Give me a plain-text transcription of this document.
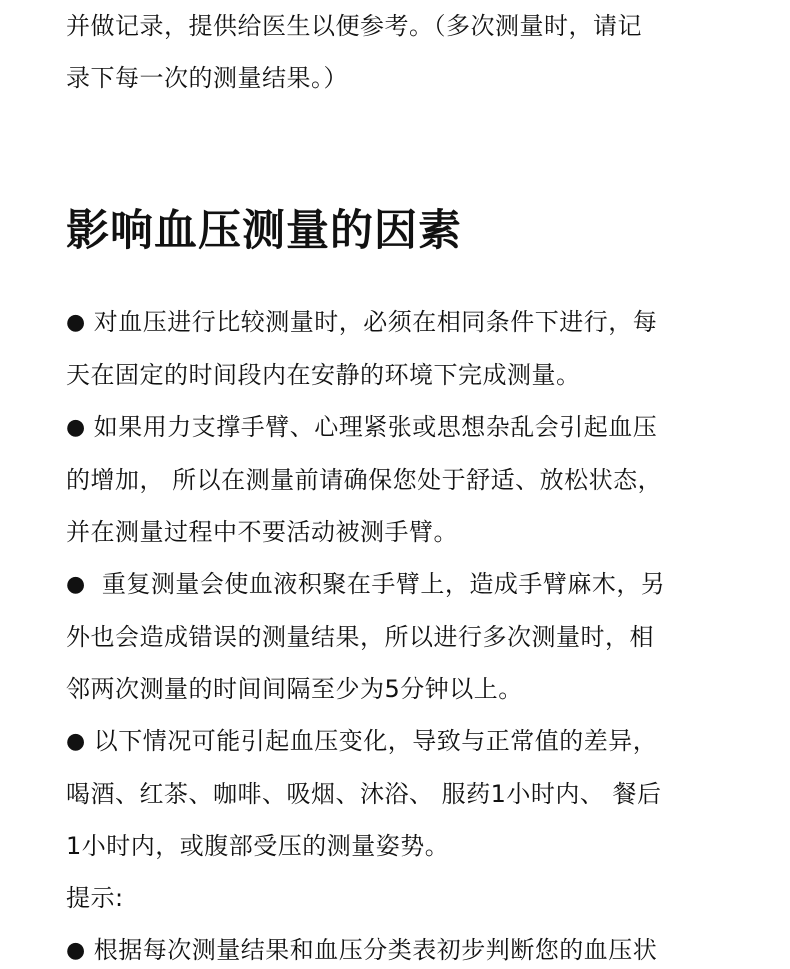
并做记录，提供给医生以便参考。（多次测量时，请记
录下每一次的测量结果。）

影响血压测量的因素
● 对血压进行比较测量时，必须在相同条件下进行，每
天在固定的时间段内在安静的环境下完成测量。
● 如果用力支撑手臂、心理紧张或思想杂乱会引起血压
的增加， 所以在测量前请确保您处于舒适、放松状态，
并在测量过程中不要活动被测手臂。
● 重复测量会使血液积聚在手臂上，造成手臂麻木，另
外也会造成错误的测量结果，所以进行多次测量时，相
邻两次测量的时间间隔至少为5分钟以上。
● 以下情况可能引起血压变化，导致与正常值的差异，
喝酒、红茶、咖啡、吸烟、沐浴、 服药1小时内、 餐后
1小时内，或腹部受压的测量姿势。
提示:
● 根据每次测量结果和血压分类表初步判断您的血压状
